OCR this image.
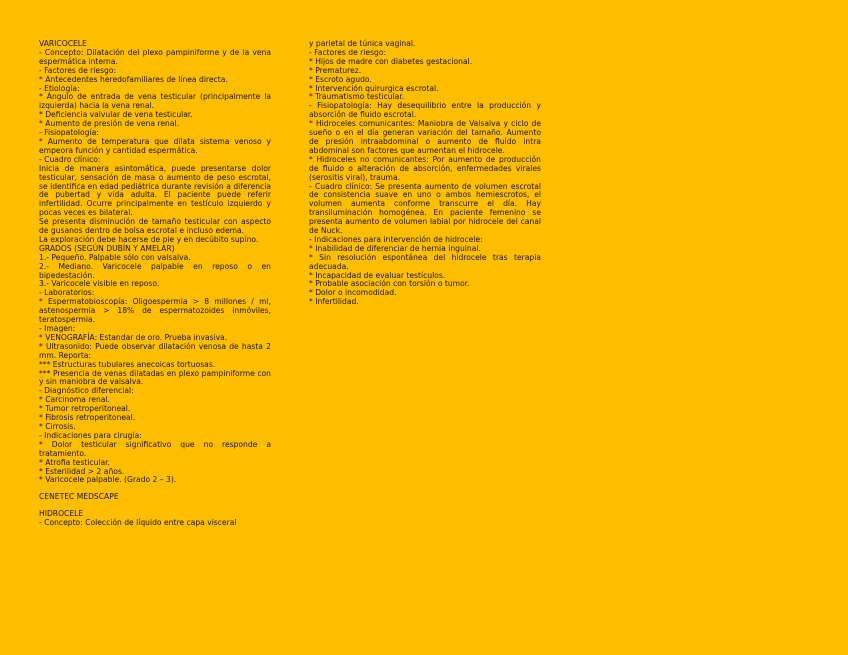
VARICOCELE

- Concepto: Dilatación del plexo pampiniforme y de la vena espermática interna.

- Factores de riesgo:

* Antecedentes heredofamiliares de línea directa.

- Etiología:

* Ángulo de entrada de vena testicular (principalmente la izquierda) hacia la vena renal.

* Deficiencia valvular de vena testicular.

* Aumento de presión de vena renal.

- Fisiopatología:

* Aumento de temperatura que dilata sistema venoso y empeora función y cantidad espermática.

- Cuadro clínico:

Inicia de manera asintomática, puede presentarse dolor testicular, sensación de masa o aumento de peso escrotal, se identifica en edad pediátrica durante revisión a diferencia de pubertad y vida adulta. El paciente puede referir infertilidad. Ocurre principalmente en testículo izquierdo y pocas veces es bilateral.

Se presenta disminución de tamaño testicular con aspecto de gusanos dentro de bolsa escrotal e incluso edema.

La exploración debe hacerse de pie y en decúbito supino.

GRADOS (SEGÚN DUBÍN Y AMELAR)

1.- Pequeño. Palpable sólo con valsalva.

2.- Mediano. Varicocele palpable en reposo o en bipedestación.

3.- Varicocele visible en reposo.

- Laboratorios:

* Espermatobioscopía: Oligoespermia > 8 millones / ml, astenospermia > 18% de espermatozoides inmóviles, teratospermia.

- Imagen:

* VENOGRAFÍA: Estandar de oro. Prueba invasiva.

* Ultrasonido: Puede observar dilatación venosa de hasta 2 mm. Reporta:

*** Estructuras tubulares anecoicas tortuosas.

*** Presencia de venas dilatadas en plexo pampiniforme con y sin maniobra de valsalva.

- Diagnóstico diferencial:

* Carcinoma renal.

* Tumor retroperitoneal.

* Fibrosis retroperitoneal.

* Cirrosis.

- Indicaciones para cirugía:

* Dolor testicular significativo que no responde a tratamiento.

* Atrofia testicular.

* Esterilidad > 2 años.

* Varicocele palpable. (Grado 2 – 3).

CENETEC MEDSCAPE

HIDROCELE

- Concepto: Colección de líquido entre capa visceral

y parietal de túnica vaginal.

- Factores de riesgo:

* Hijos de madre con diabetes gestacional.

* Prematurez.

* Escroto agudo.

* Intervención quirurgica escrotal.

* Traumatismo testicular.

- Fisiopatología: Hay desequilibrio entre la producción y absorción de fluido escrotal.

* Hidroceles comunicantes: Maniobra de Valsalva y ciclo de sueño o en el día generan variación del tamaño. Aumento de presión intraabdominal o aumento de fluido intra abdominal son factores que aumentan el hidrocele.

* Hidroceles no comunicantes: Por aumento de producción de fluido o alteración de absorción, enfermedades virales (serositis viral), trauma.

- Cuadro clínico: Se presenta aumento de volumen escrotal de consistencia suave en uno o ambos hemiescrotos, el volumen aumenta conforme transcurre el día. Hay transiluminación homogénea. En paciente femenino se presenta aumento de volumen labial por hidrocele del canal de Nuck.

- Indicaciones para intervención de hidrocele:

* Inabilidad de diferenciar de hernia inguinal.

* Sin resolución espontánea del hidrocele tras terapia adecuada.

* Incapacidad de evaluar testículos.

* Probable asociación con torsión o tumor.

* Dolor o incomodidad.

* Infertilidad.
